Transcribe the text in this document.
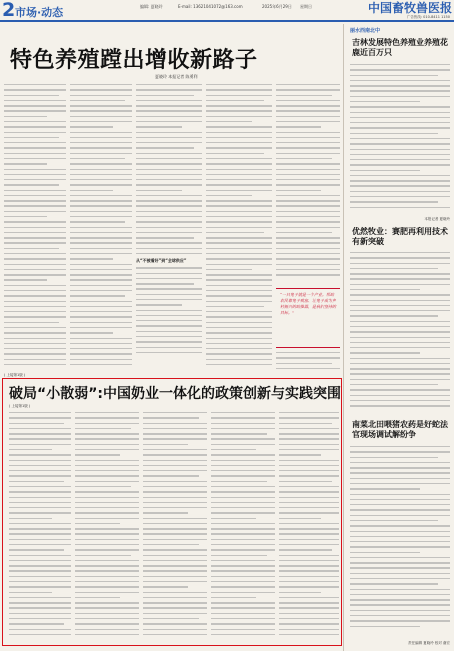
2 市场·动态	编辑: 夏晓玲	E-mail: 13621041072@163.com	2025年6月29日 星期日	中国畜牧兽医报
广告热线: 010-8411 1150
特色养殖蹚出增收新路子
夏晓玲 本报记者 陈勇利
从“不被看好”到“全球供应”
“一只兔子就是一个产业。帮助农民靠兔子致富、让兔子成为乡村振兴的助推器，是我们坚持的目标。”
( 上接第1版 )
破局“小散弱”:中国奶业一体化的政策创新与实践突围
( 上接第1版 )
丽水西南北中
吉林发展特色养殖业养殖花鹿近百万只
本报记者 夏晓玲
优然牧业：赛肥再利用技术有新突破
南菜北田喂猪农药是好蛇法官现场调试解纷争
责任编辑 夏晓玲 校对 谢宏
